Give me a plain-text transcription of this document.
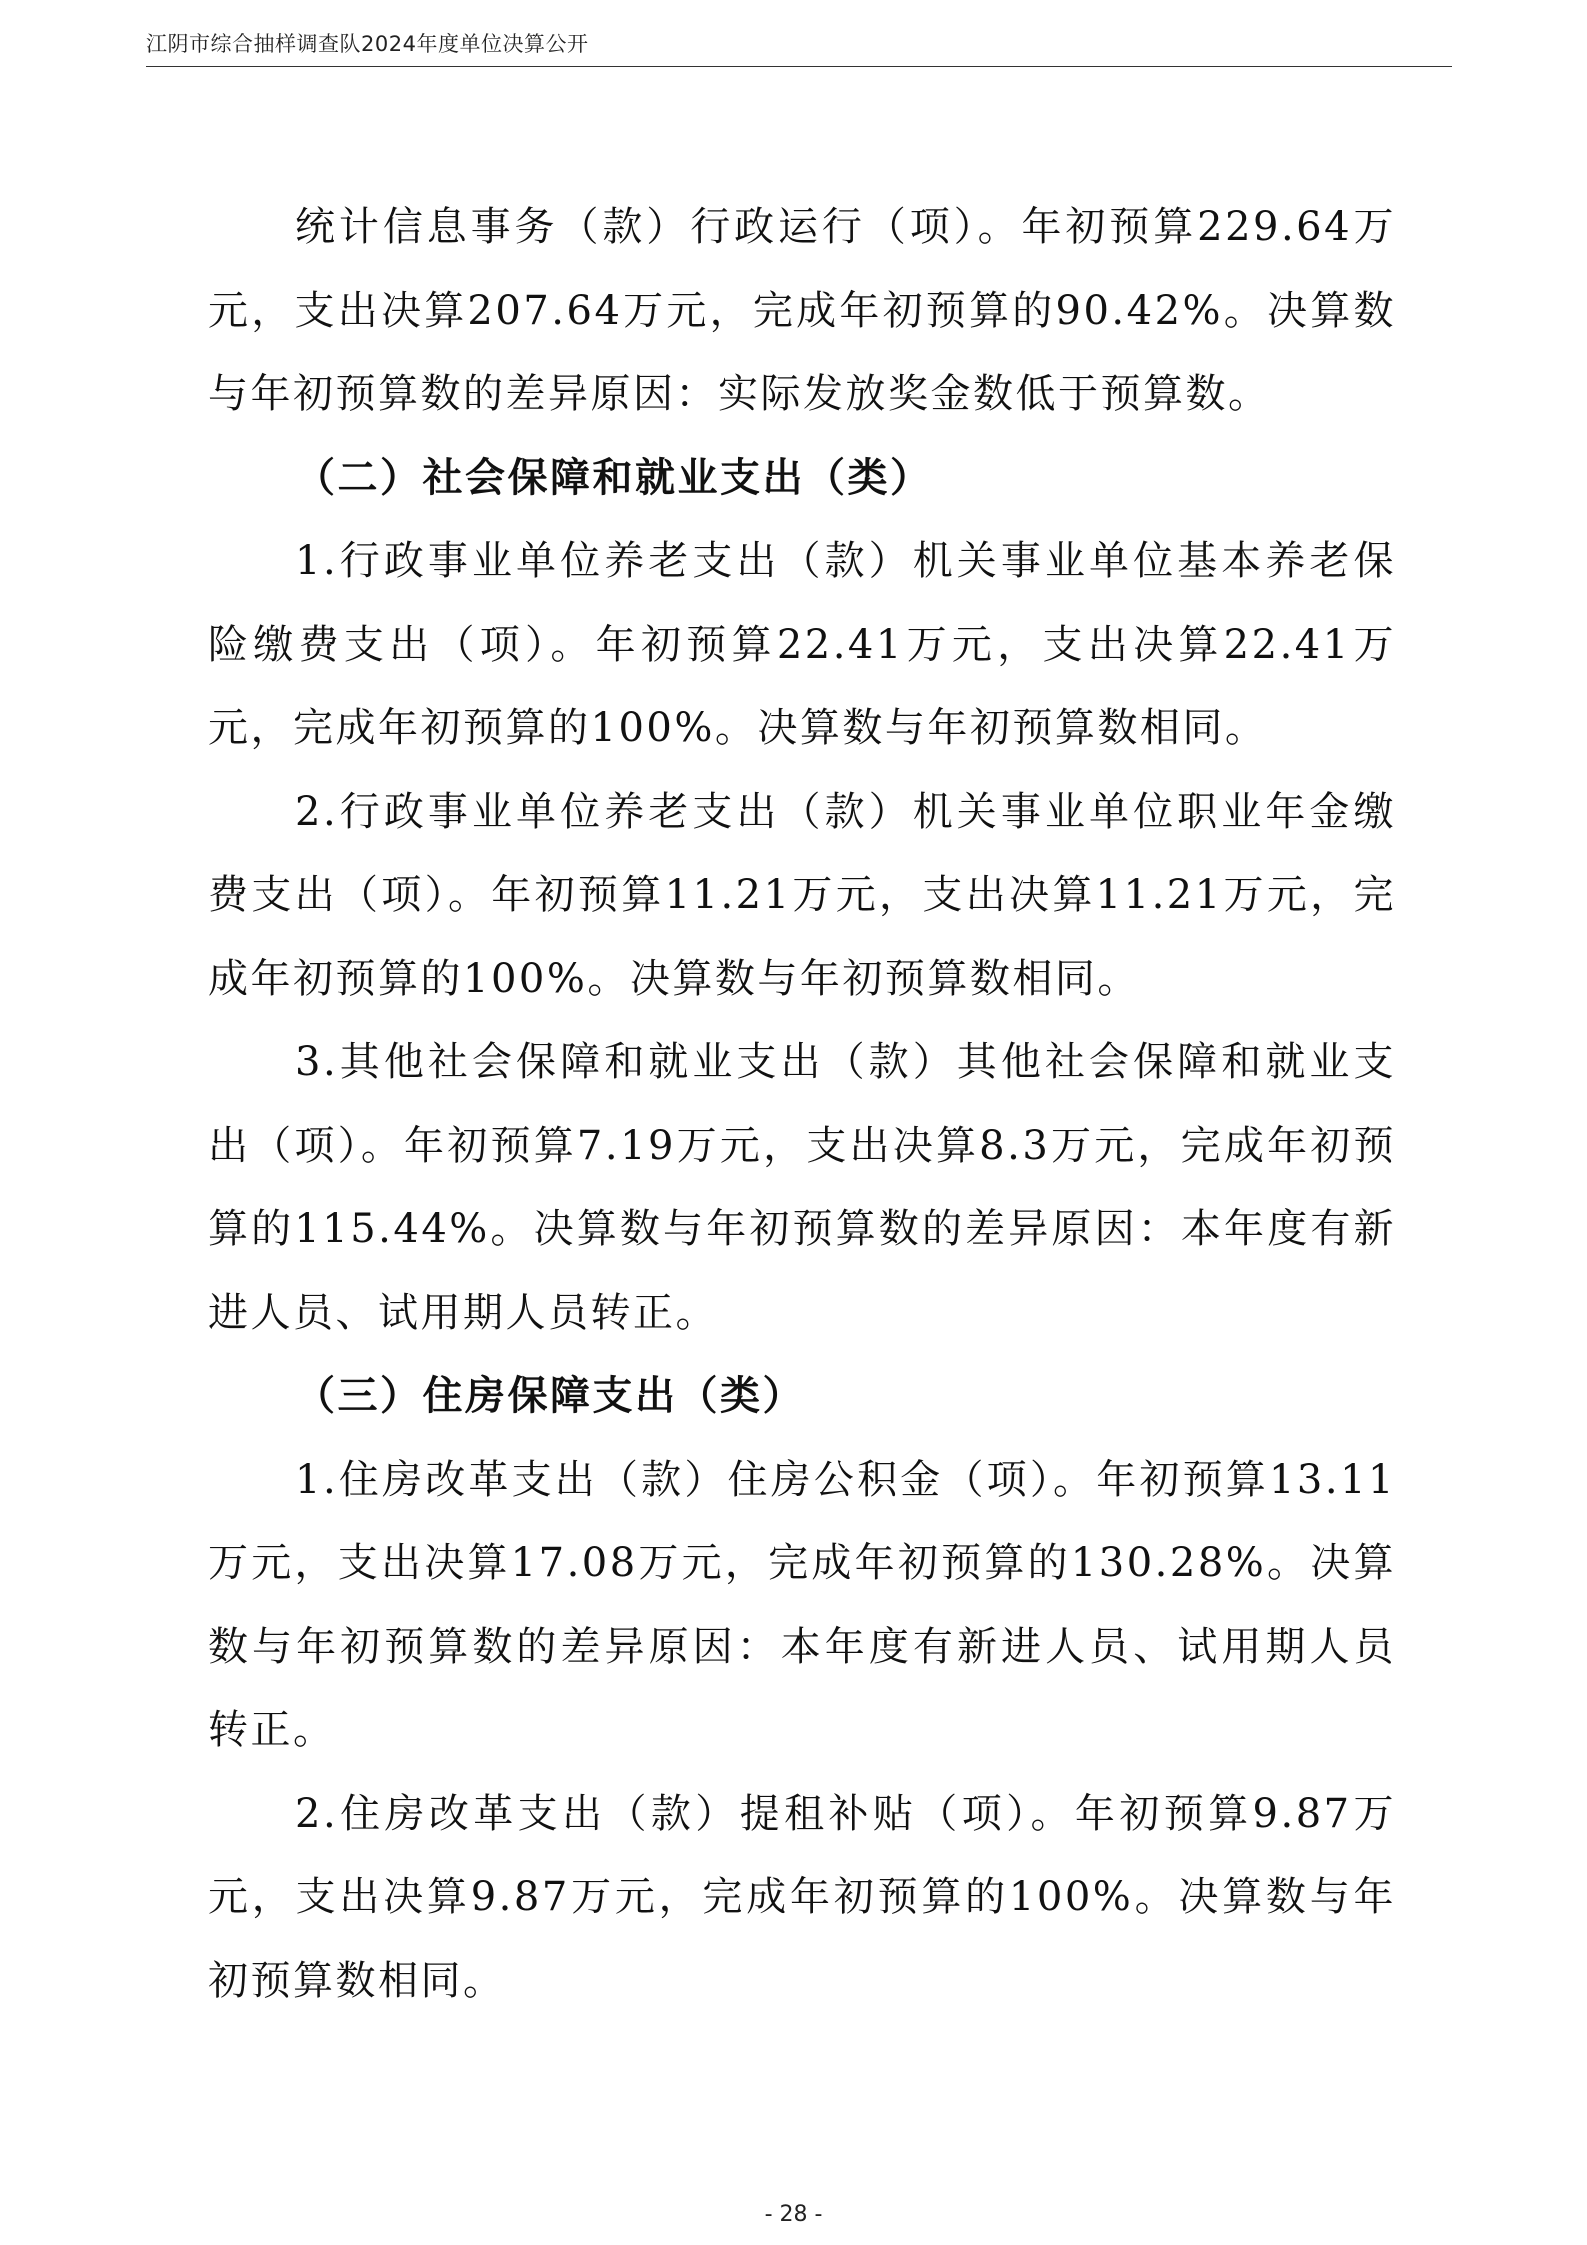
江阴市综合抽样调查队2024年度单位决算公开

统计信息事务（款）行政运行（项）。年初预算229.64万元，支出决算207.64万元，完成年初预算的90.42%。决算数与年初预算数的差异原因：实际发放奖金数低于预算数。

（二）社会保障和就业支出（类）

1.行政事业单位养老支出（款）机关事业单位基本养老保险缴费支出（项）。年初预算22.41万元，支出决算22.41万元，完成年初预算的100%。决算数与年初预算数相同。

2.行政事业单位养老支出（款）机关事业单位职业年金缴费支出（项）。年初预算11.21万元，支出决算11.21万元，完成年初预算的100%。决算数与年初预算数相同。

3.其他社会保障和就业支出（款）其他社会保障和就业支出（项）。年初预算7.19万元，支出决算8.3万元，完成年初预算的115.44%。决算数与年初预算数的差异原因：本年度有新进人员、试用期人员转正。

（三）住房保障支出（类）

1.住房改革支出（款）住房公积金（项）。年初预算13.11万元，支出决算17.08万元，完成年初预算的130.28%。决算数与年初预算数的差异原因：本年度有新进人员、试用期人员转正。

2.住房改革支出（款）提租补贴（项）。年初预算9.87万元，支出决算9.87万元，完成年初预算的100%。决算数与年初预算数相同。

- 28 -
